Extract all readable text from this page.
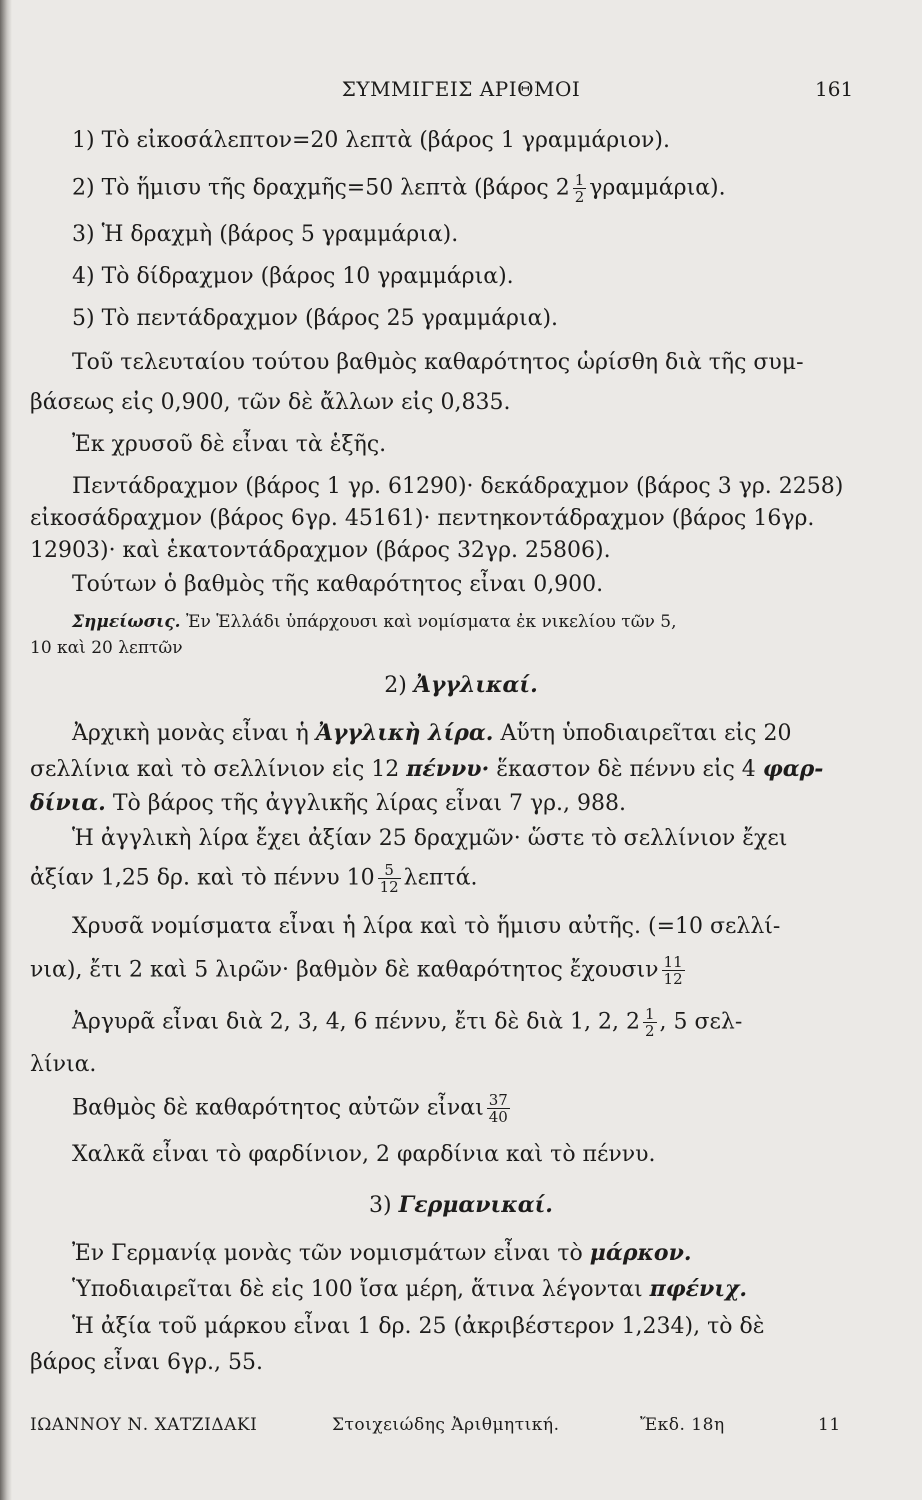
ΣΥΜΜΙΓΕΙΣ ΑΡΙΘΜΟΙ	161
1) Τὸ εἰκοσάλεπτον=20 λεπτὰ (βάρος 1 γραμμάριον).
2) Τὸ ἥμισυ τῆς δραχμῆς=50 λεπτὰ (βάρος $2 \frac{1}{2} \gamma\rho\alpha\mu\mu ά\rho\iota\alpha$).
3) Ἡ δραχμὴ (βάρος 5 γραμμάρια).
4) Τὸ δίδραχμον (βάρος 10 γραμμάρια).
5) Τὸ πεντάδραχμον (βάρος 25 γραμμάρια).
Τοῦ τελευταίου τούτου βαθμὸς καθαρότητος ὡρίσθη διὰ τῆς συμ-
βάσεως εἰς 0,900, τῶν δὲ ἄλλων εἰς 0,835.
Ἐκ χρυσοῦ δὲ εἶναι τὰ ἑξῆς.
Πεντάδραχμον (βάρος 1 γρ. 61290)· δεκάδραχμον (βάρος 3 γρ. 2258)
εἰκοσάδραχμον (βάρος 6γρ. 45161)· πεντηκοντάδραχμον (βάρος 16γρ.
12903)· καὶ ἑκατοντάδραχμον (βάρος 32γρ. 25806).
Τούτων ὁ βαθμὸς τῆς καθαρότητος εἶναι 0,900.
Σημείωσις. Ἐν Ἑλλάδι ὑπάρχουσι καὶ νομίσματα ἐκ νικελίου τῶν 5,
10 καὶ 20 λεπτῶν
2) Ἀγγλικαί.
Ἀρχικὴ μονὰς εἶναι ἡ Ἀγγλικὴ λίρα. Αὕτη ὑποδιαιρεῖται εἰς 20
σελλίνια καὶ τὸ σελλίνιον εἰς 12 πέννυ· ἕκαστον δὲ πέννυ εἰς 4 φαρ-
δίνια. Τὸ βάρος τῆς ἀγγλικῆς λίρας εἶναι 7 γρ., 988.
Ἡ ἀγγλικὴ λίρα ἔχει ἀξίαν 25 δραχμῶν· ὥστε τὸ σελλίνιον ἔχει
ἀξίαν 1,25 δρ. καὶ τὸ πέννυ $10 \frac{5}{12} \lambda\varepsilon\pi\tau ά$.
Χρυσᾶ νομίσματα εἶναι ἡ λίρα καὶ τὸ ἥμισυ αὐτῆς. (=10 σελλί-
νια), ἔτι 2 καὶ 5 λιρῶν· βαθμὸν δὲ καθαρότητος ἔχουσιν $\frac{11}{12}$
Ἀργυρᾶ εἶναι διὰ 2, 3, 4, 6 πέννυ, ἔτι δὲ διὰ 1, 2, $2 \frac{1}{2}$ , 5 σελ-
λίνια.
Βαθμὸς δὲ καθαρότητος αὐτῶν εἶναι $\frac{37}{40}$
Χαλκᾶ εἶναι τὸ φαρδίνιον, 2 φαρδίνια καὶ τὸ πέννυ.
3) Γερμανικαί.
Ἐν Γερμανίᾳ μονὰς τῶν νομισμάτων εἶναι τὸ μάρκον.
Ὑποδιαιρεῖται δὲ εἰς 100 ἴσα μέρη, ἅτινα λέγονται πφένιχ.
Ἡ ἀξία τοῦ μάρκου εἶναι 1 δρ. 25 (ἀκριβέστερον 1,234), τὸ δὲ
βάρος εἶναι 6γρ., 55.
ΙΩΑΝΝΟΥ Ν. ΧΑΤΖΙΔΑΚΙ	Στοιχειώδης Ἀριθμητική.	Ἔκδ. 18η	11
